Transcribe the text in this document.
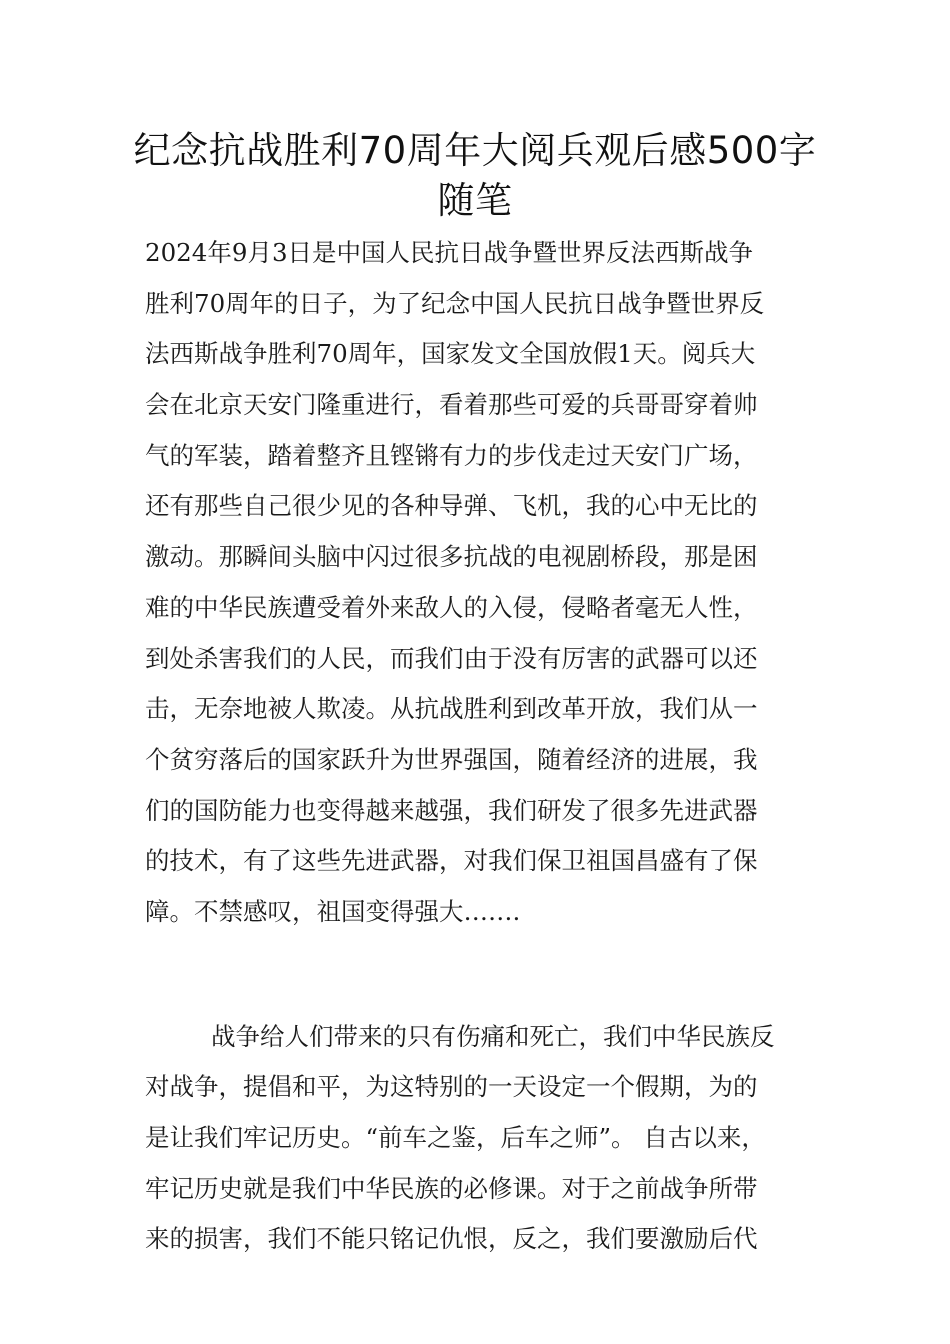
纪念抗战胜利70周年大阅兵观后感500字随笔
2024年9月3日是中国人民抗日战争暨世界反法西斯战争
胜利70周年的日子，为了纪念中国人民抗日战争暨世界反
法西斯战争胜利70周年，国家发文全国放假1天。阅兵大
会在北京天安门隆重进行，看着那些可爱的兵哥哥穿着帅
气的军装，踏着整齐且铿锵有力的步伐走过天安门广场，
还有那些自己很少见的各种导弹、飞机，我的心中无比的
激动。那瞬间头脑中闪过很多抗战的电视剧桥段，那是困
难的中华民族遭受着外来敌人的入侵，侵略者毫无人性，
到处杀害我们的人民，而我们由于没有厉害的武器可以还
击，无奈地被人欺凌。从抗战胜利到改革开放，我们从一
个贫穷落后的国家跃升为世界强国，随着经济的进展，我
们的国防能力也变得越来越强，我们研发了很多先进武器
的技术，有了这些先进武器，对我们保卫祖国昌盛有了保
障。不禁感叹，祖国变得强大…….
战争给人们带来的只有伤痛和死亡，我们中华民族反
对战争，提倡和平，为这特别的一天设定一个假期，为的
是让我们牢记历史。“前车之鉴，后车之师”。 自古以来，
牢记历史就是我们中华民族的必修课。对于之前战争所带
来的损害，我们不能只铭记仇恨，反之，我们要激励后代
